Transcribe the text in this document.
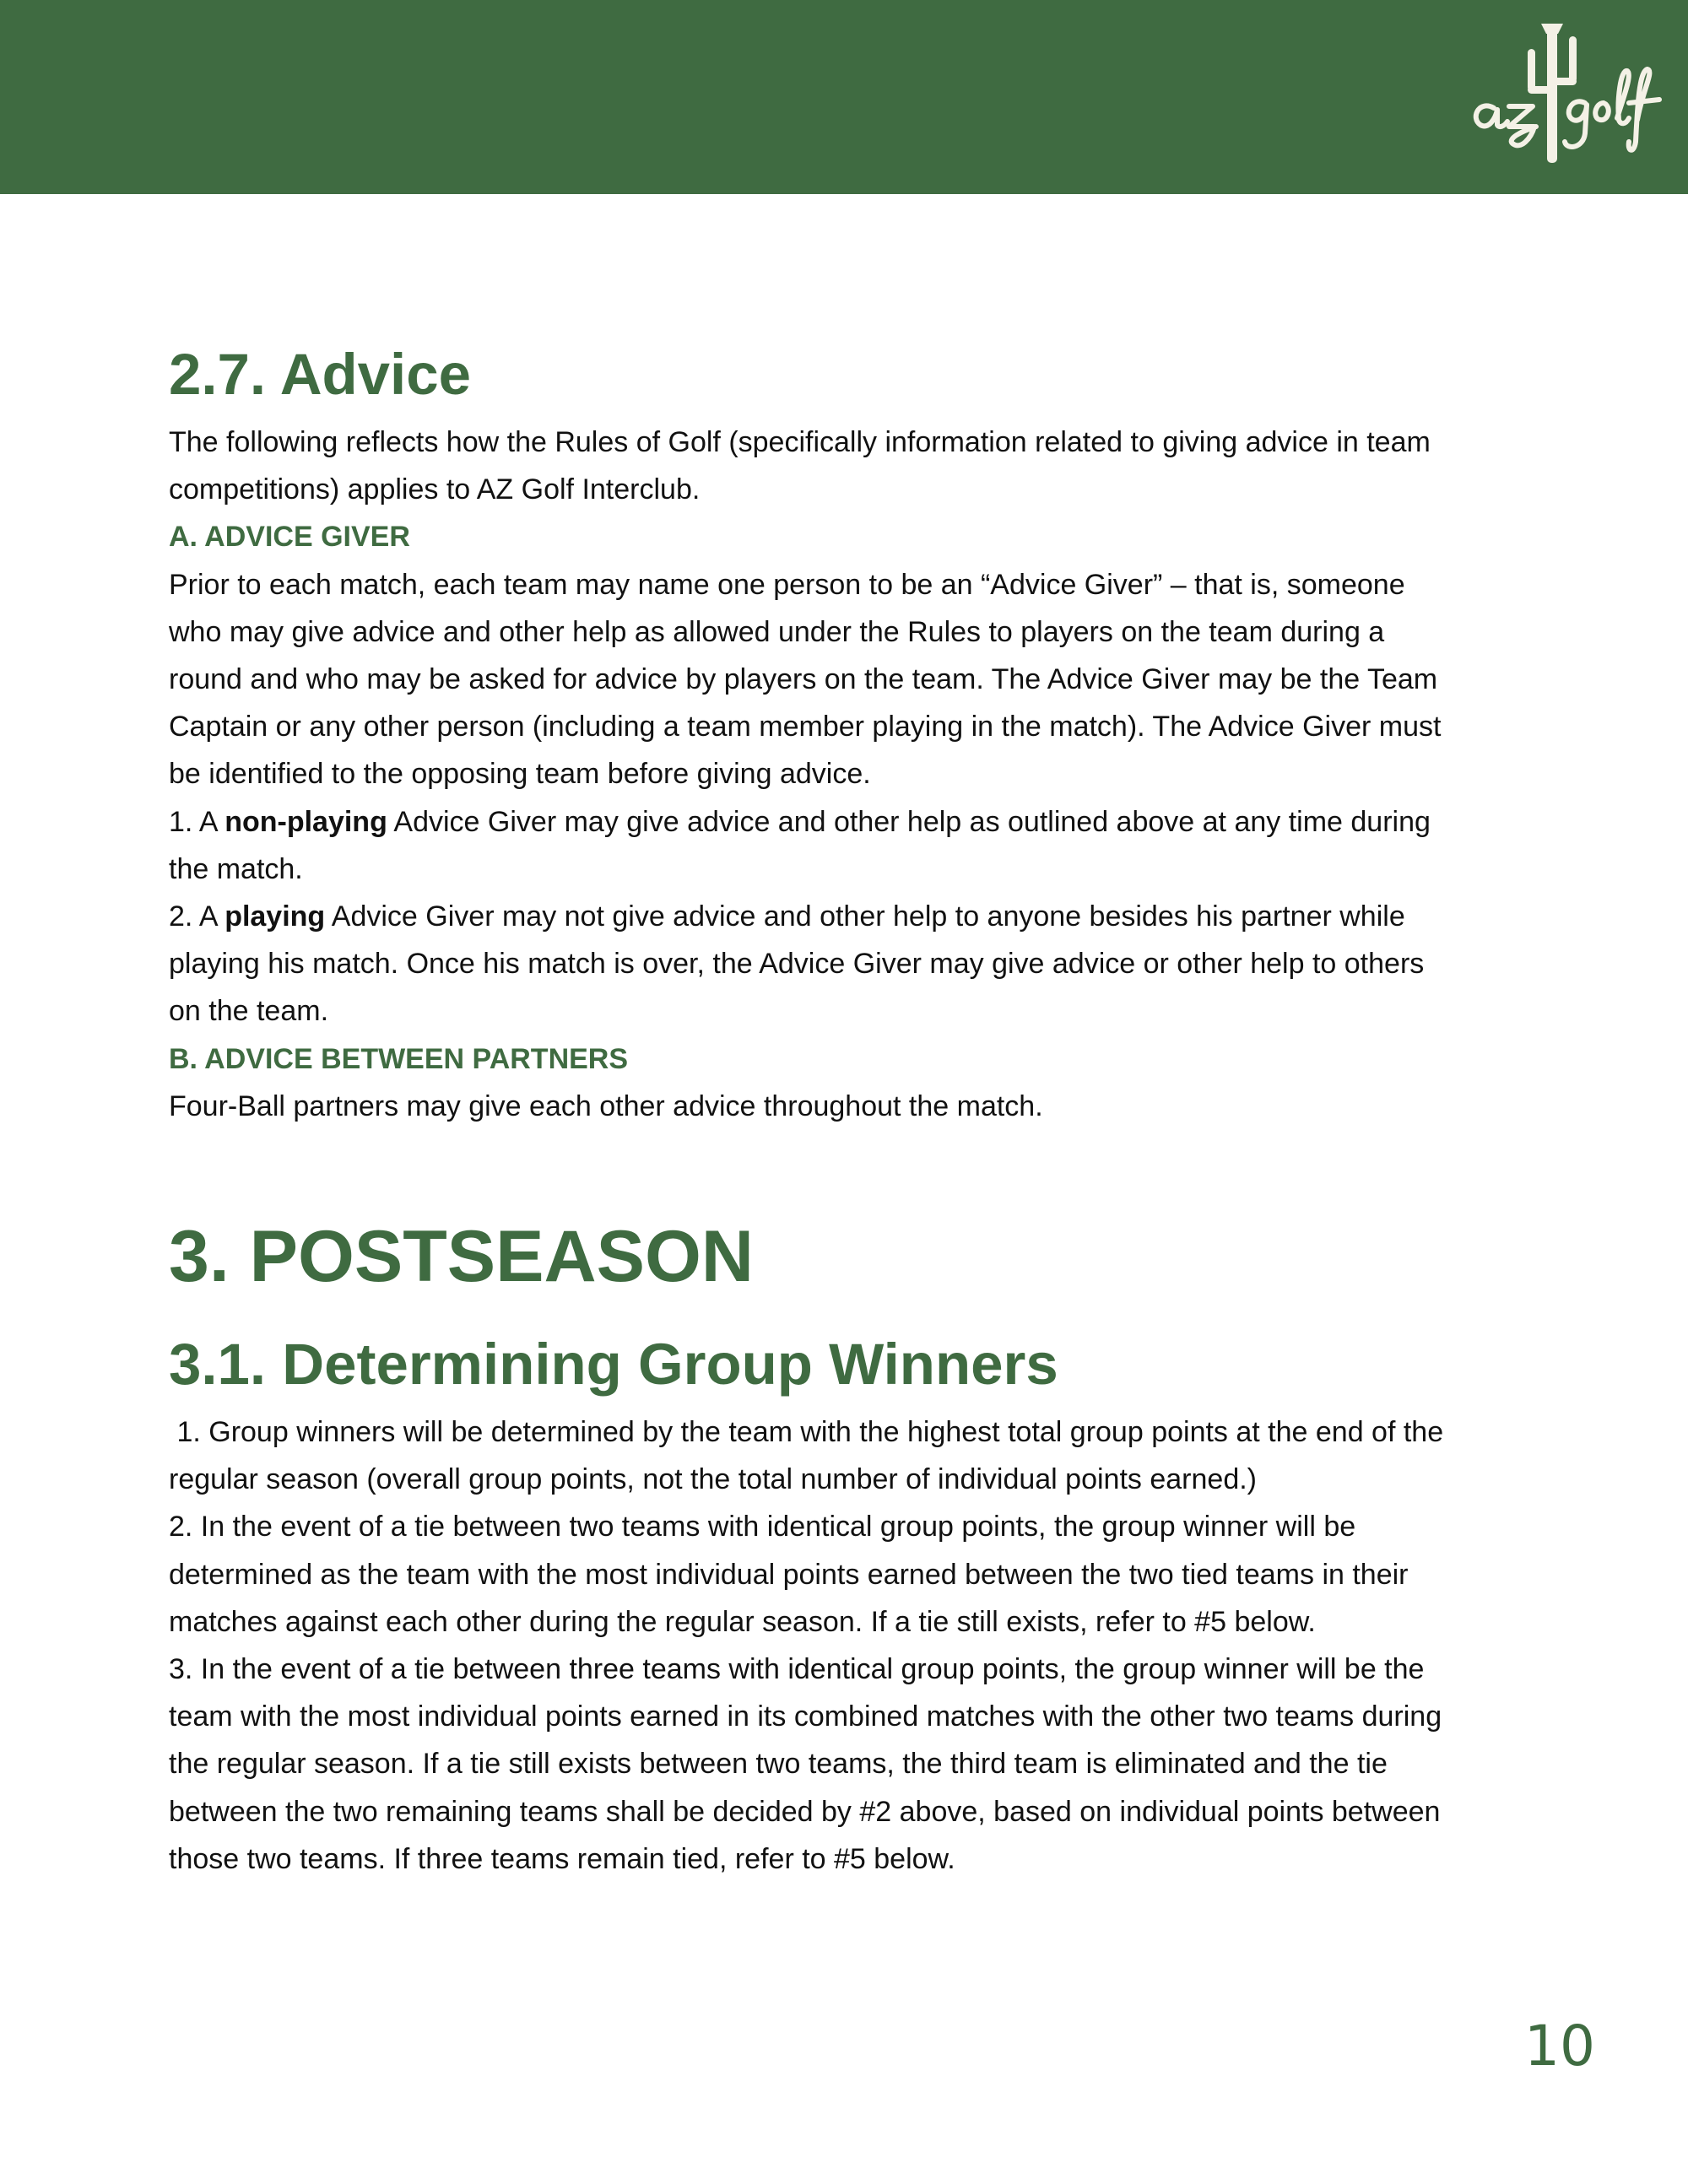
2.7. Advice

The following reflects how the Rules of Golf (specifically information related to giving advice in team competitions) applies to AZ Golf Interclub.

A. ADVICE GIVER

Prior to each match, each team may name one person to be an “Advice Giver” – that is, someone who may give advice and other help as allowed under the Rules to players on the team during a round and who may be asked for advice by players on the team. The Advice Giver may be the Team Captain or any other person (including a team member playing in the match). The Advice Giver must be identified to the opposing team before giving advice.

1. A non-playing Advice Giver may give advice and other help as outlined above at any time during the match.

2. A playing Advice Giver may not give advice and other help to anyone besides his partner while playing his match. Once his match is over, the Advice Giver may give advice or other help to others on the team.

B. ADVICE BETWEEN PARTNERS

Four-Ball partners may give each other advice throughout the match.

3. POSTSEASON
3.1. Determining Group Winners

1. Group winners will be determined by the team with the highest total group points at the end of the regular season (overall group points, not the total number of individual points earned.)

2. In the event of a tie between two teams with identical group points, the group winner will be determined as the team with the most individual points earned between the two tied teams in their matches against each other during the regular season. If a tie still exists, refer to #5 below.

3. In the event of a tie between three teams with identical group points, the group winner will be the team with the most individual points earned in its combined matches with the other two teams during the regular season. If a tie still exists between two teams, the third team is eliminated and the tie between the two remaining teams shall be decided by #2 above, based on individual points between those two teams. If three teams remain tied, refer to #5 below.

10
